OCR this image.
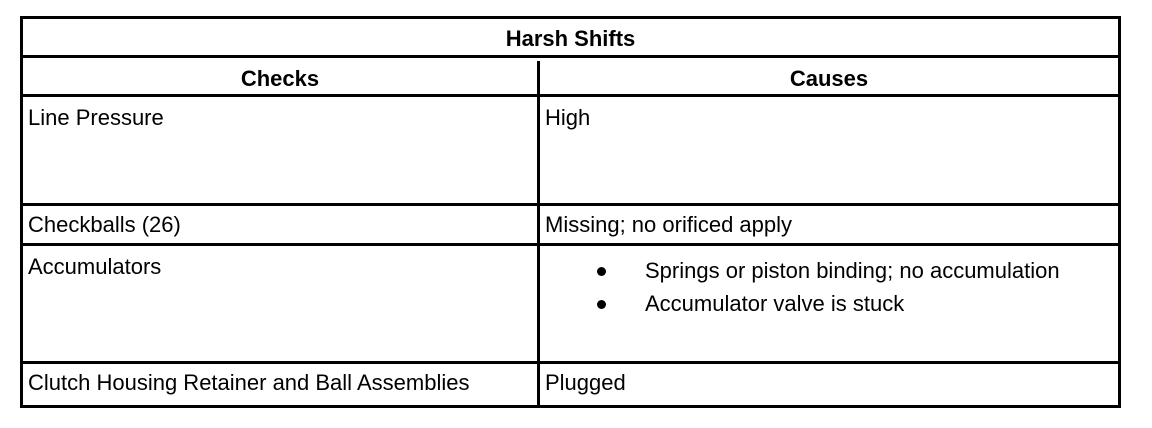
Harsh Shifts
Checks	Causes
Line Pressure	High
Checkballs (26)	Missing; no orificed apply
Accumulators	Springs or piston binding; no accumulation
Accumulator valve is stuck
Clutch Housing Retainer and Ball Assemblies	Plugged
